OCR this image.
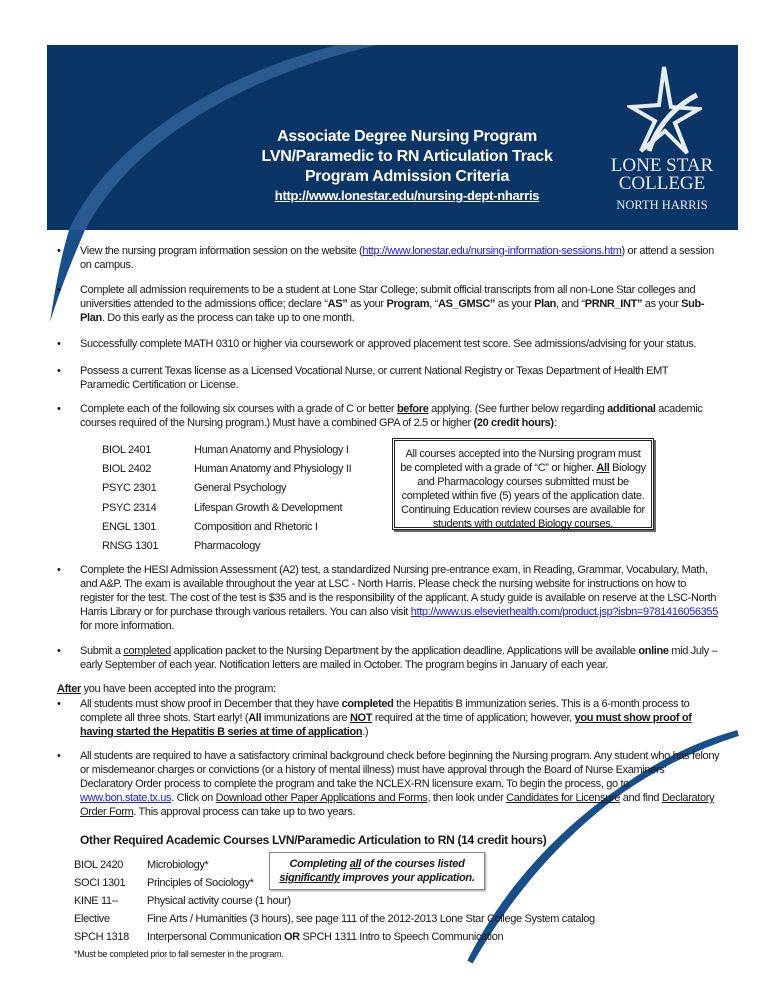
Associate Degree Nursing Program
LVN/Paramedic to RN Articulation Track
Program Admission Criteria
http://www.lonestar.edu/nursing-dept-nharris
LONE STAR
COLLEGE
NORTH HARRIS
• View the nursing program information session on the website (http://www.lonestar.edu/nursing-information-sessions.htm) or attend a session on campus.
• Complete all admission requirements to be a student at Lone Star College; submit official transcripts from all non-Lone Star colleges and universities attended to the admissions office; declare “AS” as your Program, “AS_GMSC” as your Plan, and “PRNR_INT” as your Sub-Plan. Do this early as the process can take up to one month.
• Successfully complete MATH 0310 or higher via coursework or approved placement test score. See admissions/advising for your status.
• Possess a current Texas license as a Licensed Vocational Nurse, or current National Registry or Texas Department of Health EMT Paramedic Certification or License.
• Complete each of the following six courses with a grade of C or better before applying. (See further below regarding additional academic courses required of the Nursing program.) Must have a combined GPA of 2.5 or higher (20 credit hours):
BIOL 2401	Human Anatomy and Physiology I
BIOL 2402	Human Anatomy and Physiology II
PSYC 2301	General Psychology
PSYC 2314	Lifespan Growth & Development
ENGL 1301	Composition and Rhetoric I
RNSG 1301	Pharmacology
All courses accepted into the Nursing program must be completed with a grade of “C” or higher. All Biology and Pharmacology courses submitted must be completed within five (5) years of the application date. Continuing Education review courses are available for students with outdated Biology courses.
• Complete the HESI Admission Assessment (A2) test, a standardized Nursing pre-entrance exam, in Reading, Grammar, Vocabulary, Math, and A&P. The exam is available throughout the year at LSC - North Harris. Please check the nursing website for instructions on how to register for the test. The cost of the test is $35 and is the responsibility of the applicant. A study guide is available on reserve at the LSC-North Harris Library or for purchase through various retailers. You can also visit http://www.us.elsevierhealth.com/product.jsp?isbn=9781416056355 for more information.
• Submit a completed application packet to the Nursing Department by the application deadline. Applications will be available online mid July – early September of each year. Notification letters are mailed in October. The program begins in January of each year.
After you have been accepted into the program:
• All students must show proof in December that they have completed the Hepatitis B immunization series. This is a 6-month process to complete all three shots. Start early! (All immunizations are NOT required at the time of application; however, you must show proof of having started the Hepatitis B series at time of application.)
• All students are required to have a satisfactory criminal background check before beginning the Nursing program. Any student who has felony or misdemeanor charges or convictions (or a history of mental illness) must have approval through the Board of Nurse Examiners' Declaratory Order process to complete the program and take the NCLEX-RN licensure exam. To begin the process, go to www.bon.state.tx.us. Click on Download other Paper Applications and Forms, then look under Candidates for Licensure and find Declaratory Order Form. This approval process can take up to two years.
Other Required Academic Courses LVN/Paramedic Articulation to RN (14 credit hours)
BIOL 2420 Microbiology*
SOCI 1301 Principles of Sociology*
KINE 11--	Physical activity course (1 hour)
Elective	Fine Arts / Humanities (3 hours), see page 111 of the 2012-2013 Lone Star College System catalog
SPCH 1318 Interpersonal Communication OR SPCH 1311 Intro to Speech Communication
Completing all of the courses listed significantly improves your application.
*Must be completed prior to fall semester in the program.
